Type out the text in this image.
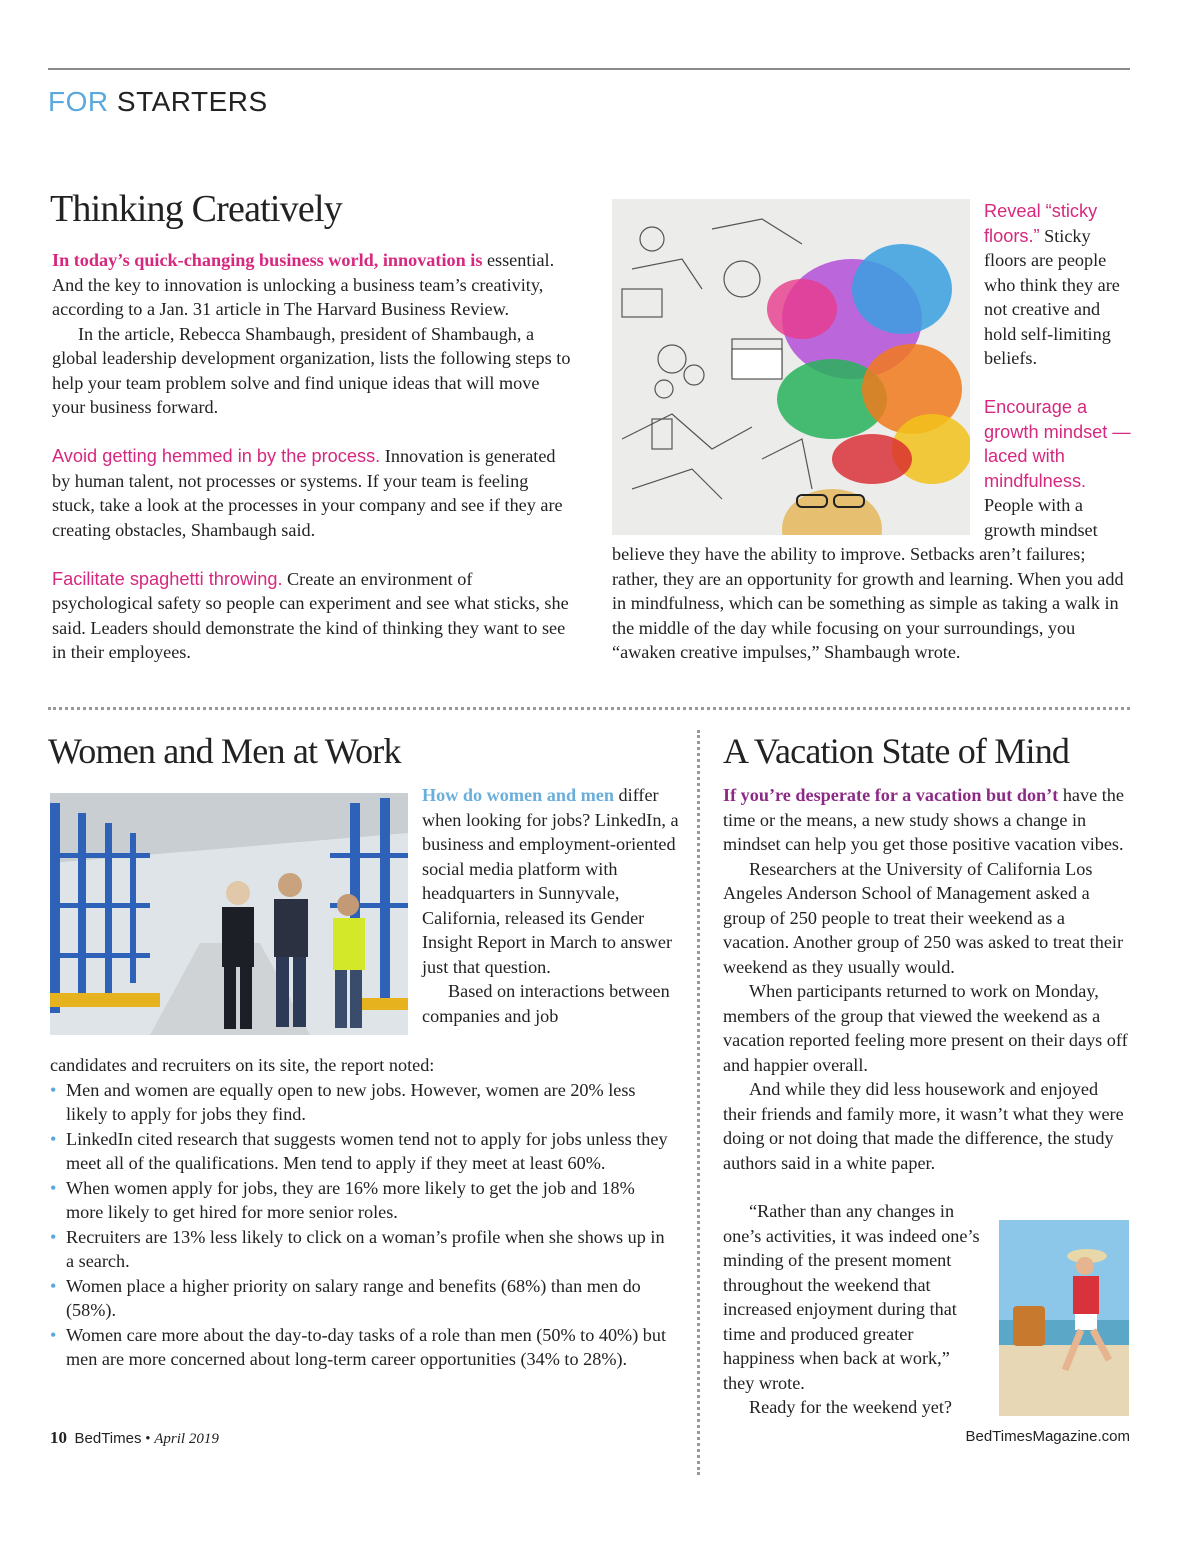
FOR STARTERS
Thinking Creatively

In today’s quick-changing business world, innovation is essential. And the key to innovation is unlocking a business team’s creativity, according to a Jan. 31 article in The Harvard Business Review.

In the article, Rebecca Shambaugh, president of Shambaugh, a global leadership development organization, lists the following steps to help your team problem solve and find unique ideas that will move your business forward.

Avoid getting hemmed in by the process. Innovation is generated by human talent, not processes or systems. If your team is feeling stuck, take a look at the processes in your company and see if they are creating obstacles, Shambaugh said.

Facilitate spaghetti throwing. Create an environment of psychological safety so people can experiment and see what sticks, she said. Leaders should demonstrate the kind of thinking they want to see in their employees.

Reveal “sticky floors.” Sticky floors are people who think they are not creative and hold self-limiting beliefs.

Encourage a growth mindset — laced with mindfulness. People with a growth mindset

believe they have the ability to improve. Setbacks aren’t failures; rather, they are an opportunity for growth and learning. When you add in mindfulness, which can be something as simple as taking a walk in the middle of the day while focusing on your surroundings, you “awaken creative impulses,” Shambaugh wrote.

Women and Men at Work

How do women and men differ when looking for jobs? LinkedIn, a business and employment-oriented social media platform with headquarters in Sunnyvale, California, released its Gender Insight Report in March to answer just that question.

Based on interactions between companies and job

candidates and recruiters on its site, the report noted:

• Men and women are equally open to new jobs. However, women are 20% less likely to apply for jobs they find.
• LinkedIn cited research that suggests women tend not to apply for jobs unless they meet all of the qualifications. Men tend to apply if they meet at least 60%.
• When women apply for jobs, they are 16% more likely to get the job and 18% more likely to get hired for more senior roles.
• Recruiters are 13% less likely to click on a woman’s profile when she shows up in a search.
• Women place a higher priority on salary range and benefits (68%) than men do (58%).
• Women care more about the day-to-day tasks of a role than men (50% to 40%) but men are more concerned about long-term career opportunities (34% to 28%).
A Vacation State of Mind

If you’re desperate for a vacation but don’t have the time or the means, a new study shows a change in mindset can help you get those positive vacation vibes.

Researchers at the University of California Los Angeles Anderson School of Management asked a group of 250 people to treat their weekend as a vacation. Another group of 250 was asked to treat their weekend as they usually would.

When participants returned to work on Monday, members of the group that viewed the weekend as a vacation reported feeling more present on their days off and happier overall.

And while they did less housework and enjoyed their friends and family more, it wasn’t what they were doing or not doing that made the difference, the study authors said in a white paper.

“Rather than any changes in one’s activities, it was indeed one’s minding of the present moment throughout the weekend that increased enjoyment during that time and produced greater happiness when back at work,” they wrote.

Ready for the weekend yet?

10 BedTimes • April 2019	BedTimesMagazine.com
